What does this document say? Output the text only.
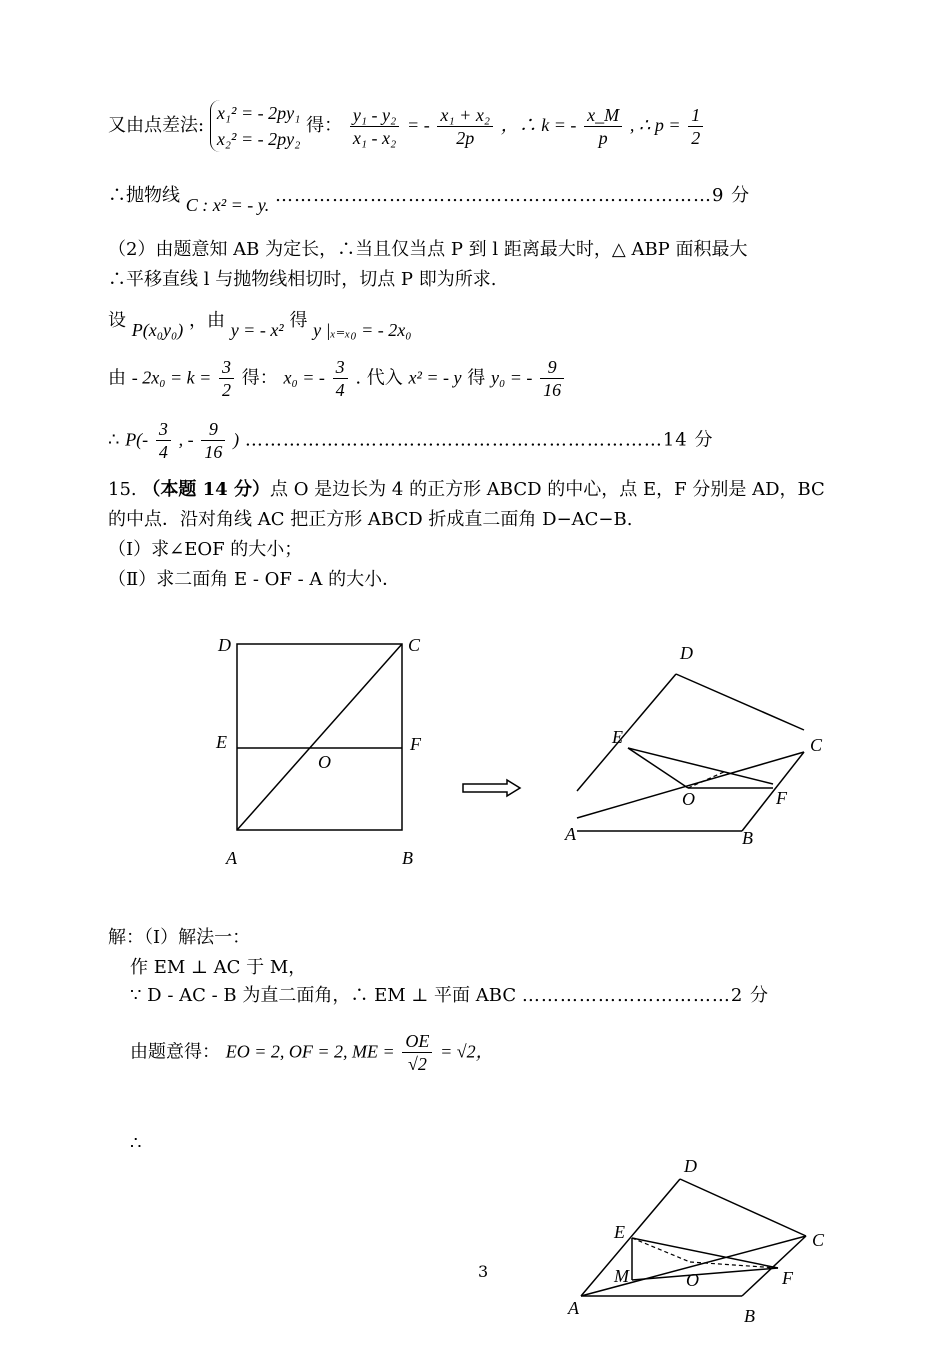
又由点差法:
x₁² = - 2py₁
x₂² = - 2py₂
得： $\frac{\text{y₁ - y₂}}{\text{x₁ - x₂}}$ = - $\frac{\text{x₁ + x₂}}{2p}$ ，∴ k = - $\frac{x\_M}{p}$ , ∴ $p = \frac{1}{2}$
∴抛物线 C : x² = - y. ……………………………………………………………9 分
（2）由题意知 AB 为定长，∴当且仅当点 P 到 l 距离最大时，△ ABP 面积最大
∴平移直线 l 与抛物线相切时，切点 P 即为所求.
设 P(x₀y₀) ，由 y = - x² 得 y |ₓ₌ₓ₀ = - 2x₀
由 - $2x_0 = k = \frac{3}{2}$ 得： x₀ = - $\frac{3}{4}$ . 代入 x² = - y 得 y₀ = - $\frac{9}{16}$
∴ $P(- \frac{3}{4}$ , - $\frac{9}{16}$ ) …………………………………………………………14 分
15. （本题 14 分）点 O 是边长为 4 的正方形 ABCD 的中心，点 E，F 分别是 AD，BC
的中点．沿对角线 AC 把正方形 ABCD 折成直二面角 D−AC−B.
（Ⅰ）求∠EOF 的大小；
（Ⅱ）求二面角 E - OF - A 的大小．
D	C
E	F
O
A	B
D
E	C
O	F
A	B
解：（Ⅰ）解法一：
作 EM ⊥ AC 于 M，
∵ D - AC - B 为直二面角，∴ EM ⊥ 平面 ABC ……………………………2 分
由题意得： EO = 2, OF = 2, ME = $\frac{OE}{√2} = √2$，
∴
D
E	C
M	O	F
A	B
3
